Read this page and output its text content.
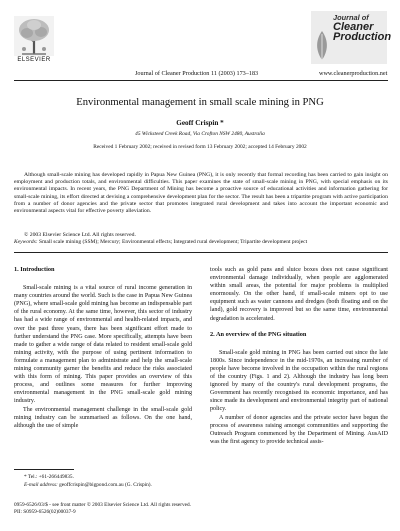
ELSEVIER
Journal of Cleaner Production 11 (2003) 173–183
Journal of
Cleaner Production
www.cleanerproduction.net
Environmental management in small scale mining in PNG
Geoff Crispin *
45 Wicksteed Creek Road, Via Crofton NSW 2480, Australia
Received 1 February 2002; received in revised form 13 February 2002; accepted 14 February 2002
Although small-scale mining has developed rapidly in Papua New Guinea (PNG), it is only recently that formal recording has been carried to gain insight on employment and production totals, and environmental difficulties. This paper examines the state of small-scale mining in PNG, with special emphasis on its environmental impacts. In recent years, the PNG Department of Mining has become a proactive source of educational activities and information gathering for small-scale mining, its effort directed at devising a comprehensive development plan for the sector. The result has been a tripartite program with active participation from a number of donor agencies and the private sector that promotes integrated rural development and takes into account the important economic and environmental aspects vital for effective poverty alleviation.
© 2003 Elsevier Science Ltd. All rights reserved.
Keywords: Small scale mining (SSM); Mercury; Environmental effects; Integrated rural development; Tripartite development project
1. Introduction

Small-scale mining is a vital source of rural income generation in many countries around the world. Such is the case in Papua New Guinea (PNG), where small-scale gold mining has become an indispensable part of the rural economy. At the same time, however, this sector of industry has had a wide range of environmental and health-related impacts, and over the past three years, there has been significant effort made to further understand the PNG case. More specifically, attempts have been made to gather a wide range of data related to resident small-scale gold mining activity, with the purpose of using pertinent information to formulate a management plan to administrate and help the small-scale mining community garner the benefits and reduce the risks associated with this form of mining. This paper provides an overview of this process, and outlines some measures for further improving environmental management in the PNG small-scale gold mining industry.

The environmental management challenge in the small-scale gold mining industry can be summarised as follows. On the one hand, although the use of simple

tools such as gold pans and sluice boxes does not cause significant environmental damage individually, when people are agglomerated within small areas, the potential for major problems is multiplied enormously. On the other hand, if small-scale miners opt to use equipment such as water cannons and dredges (both floating and on the land), gold recovery is improved but so the same time, environmental degradation is accelerated.

2. An overview of the PNG situation

Small-scale gold mining in PNG has been carried out since the late 1800s. Since independence in the mid-1970s, an increasing number of people have become involved in the occupation within the rural regions of the country (Figs. 1 and 2). Although the industry has long been ignored by many of the country's rural development programs, the Government has recently recognised its economic importance, and has since made its development and environmental integrity part of national policy.

A number of donor agencies and the private sector have begun the process of awareness raising amongst communities and supporting the Outreach Program commenced by the Department of Mining. AusAID was the first agency to provide technical assis-

* Tel.: +61-266449835.
E-mail address: geoffcrispin@bigpond.com.au (G. Crispin).
0959-6526/03/$ - see front matter © 2003 Elsevier Science Ltd. All rights reserved.
PII: S0959-6526(02)00037-9
